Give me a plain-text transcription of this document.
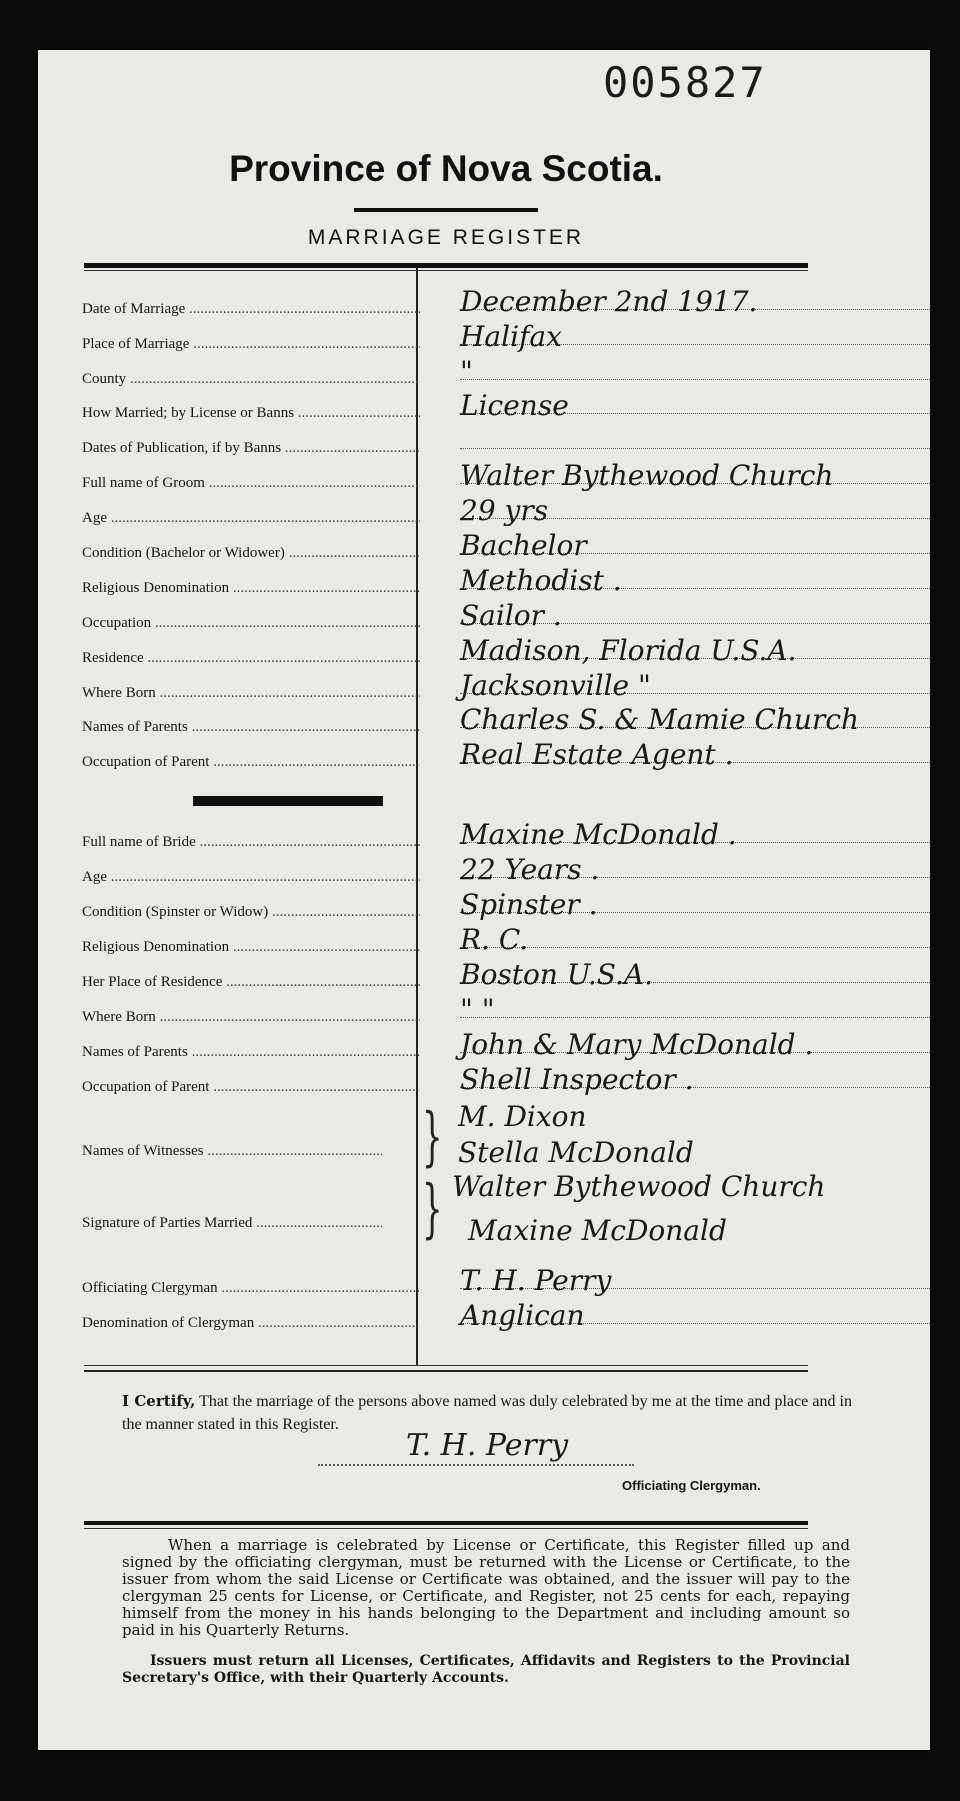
005827
Province of Nova Scotia.
MARRIAGE REGISTER
Date of Marriage .....	December 2nd 1917.
Place of Marriage .....	Halifax
County .....	"
How Married; by License or Banns .....	License
Dates of Publication, if by Banns .....
Full name of Groom .....	Walter Bythewood Church
Age .....	29 yrs
Condition (Bachelor or Widower) .....	Bachelor
Religious Denomination .....	Methodist .
Occupation .....	Sailor .
Residence .....	Madison, Florida U.S.A.
Where Born .....	Jacksonville "
Names of Parents .....	Charles S. & Mamie Church
Occupation of Parent .....	Real Estate Agent .
Full name of Bride .....	Maxine McDonald .
Age .....	22 Years .
Condition (Spinster or Widow) .....	Spinster .
Religious Denomination .....	R. C.
Her Place of Residence .....	Boston U.S.A.
Where Born .....	" "
Names of Parents .....	John & Mary McDonald .
Occupation of Parent .....	Shell Inspector .
Names of Witnesses .....	} M. Dixon
Stella McDonald
Signature of Parties Married .....	} Walter Bythewood Church
Maxine McDonald
Officiating Clergyman .....	T. H. Perry
Denomination of Clergyman .....	Anglican
I Certify, That the marriage of the persons above named was duly celebrated by me at the time and place and in the manner stated in this Register.
T. H. Perry
Officiating Clergyman.
When a marriage is celebrated by License or Certificate, this Register filled up and signed by the officiating clergyman, must be returned with the License or Certificate, to the issuer from whom the said License or Certificate was obtained, and the issuer will pay to the clergyman 25 cents for License, or Certificate, and Register, not 25 cents for each, repaying himself from the money in his hands belonging to the Department and including amount so paid in his Quarterly Returns.
Issuers must return all Licenses, Certificates, Affidavits and Registers to the Provincial Secretary's Office, with their Quarterly Accounts.
